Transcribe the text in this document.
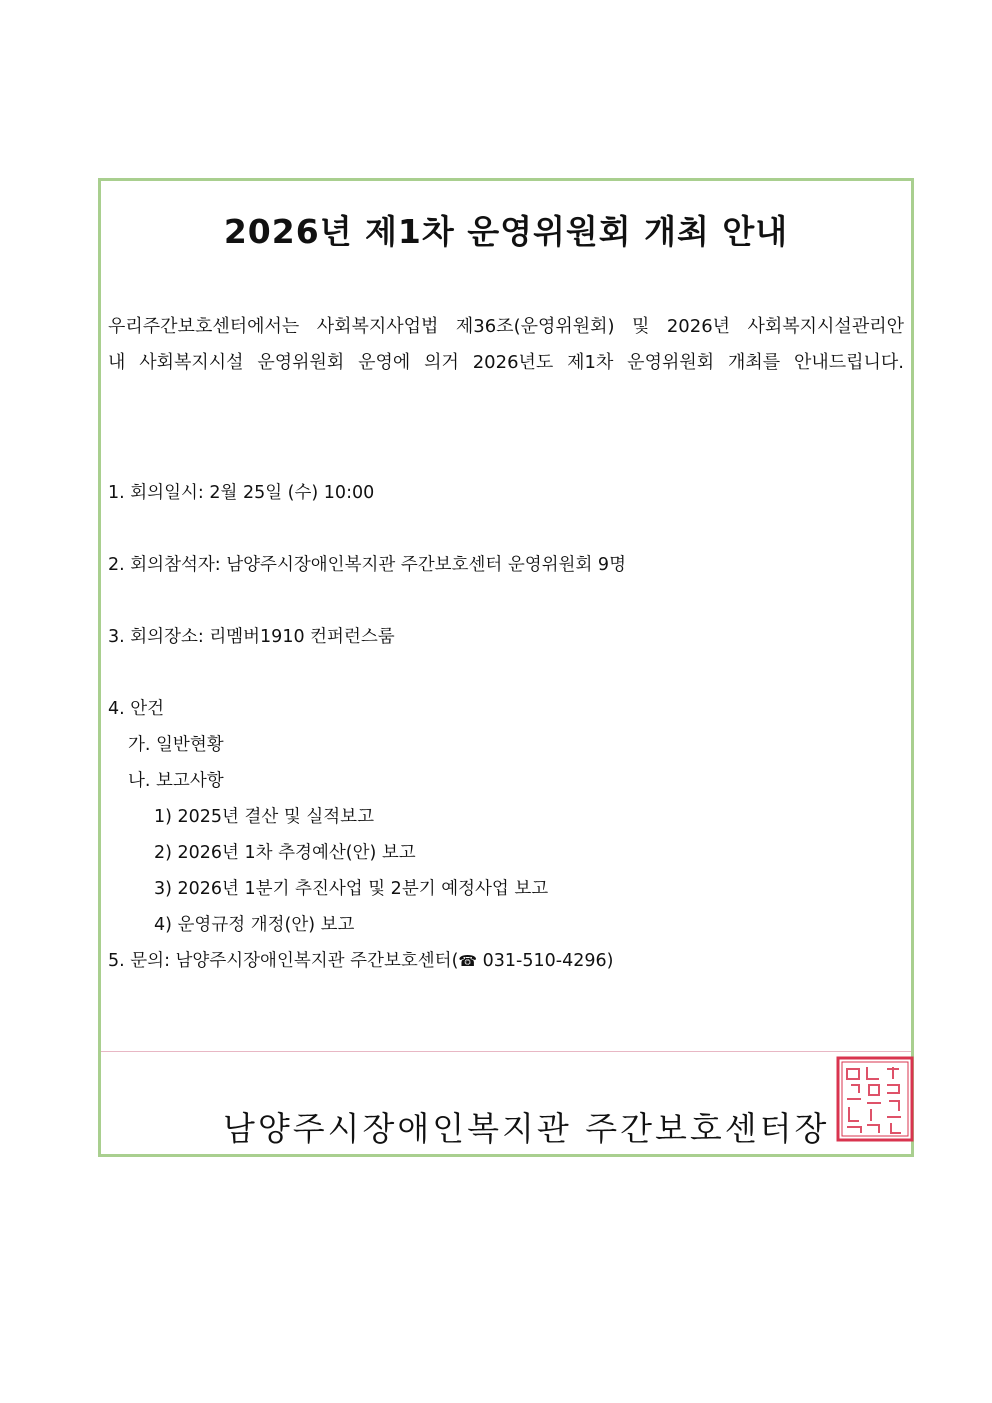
2026년 제1차 운영위원회 개최 안내
우리주간보호센터에서는 사회복지사업법 제36조(운영위원회) 및 2026년 사회복지시설관리안
내 사회복지시설 운영위원회 운영에 의거 2026년도 제1차 운영위원회 개최를 안내드립니다.
1. 회의일시: 2월 25일 (수) 10:00
2. 회의참석자: 남양주시장애인복지관 주간보호센터 운영위원회 9명
3. 회의장소: 리멤버1910 컨퍼런스룸
4. 안건
가. 일반현황
나. 보고사항
1) 2025년 결산 및 실적보고
2) 2026년 1차 추경예산(안) 보고
3) 2026년 1분기 추진사업 및 2분기 예정사업 보고
4) 운영규정 개정(안) 보고
5. 문의: 남양주시장애인복지관 주간보호센터(☎ 031-510-4296)
남양주시장애인복지관 주간보호센터장
